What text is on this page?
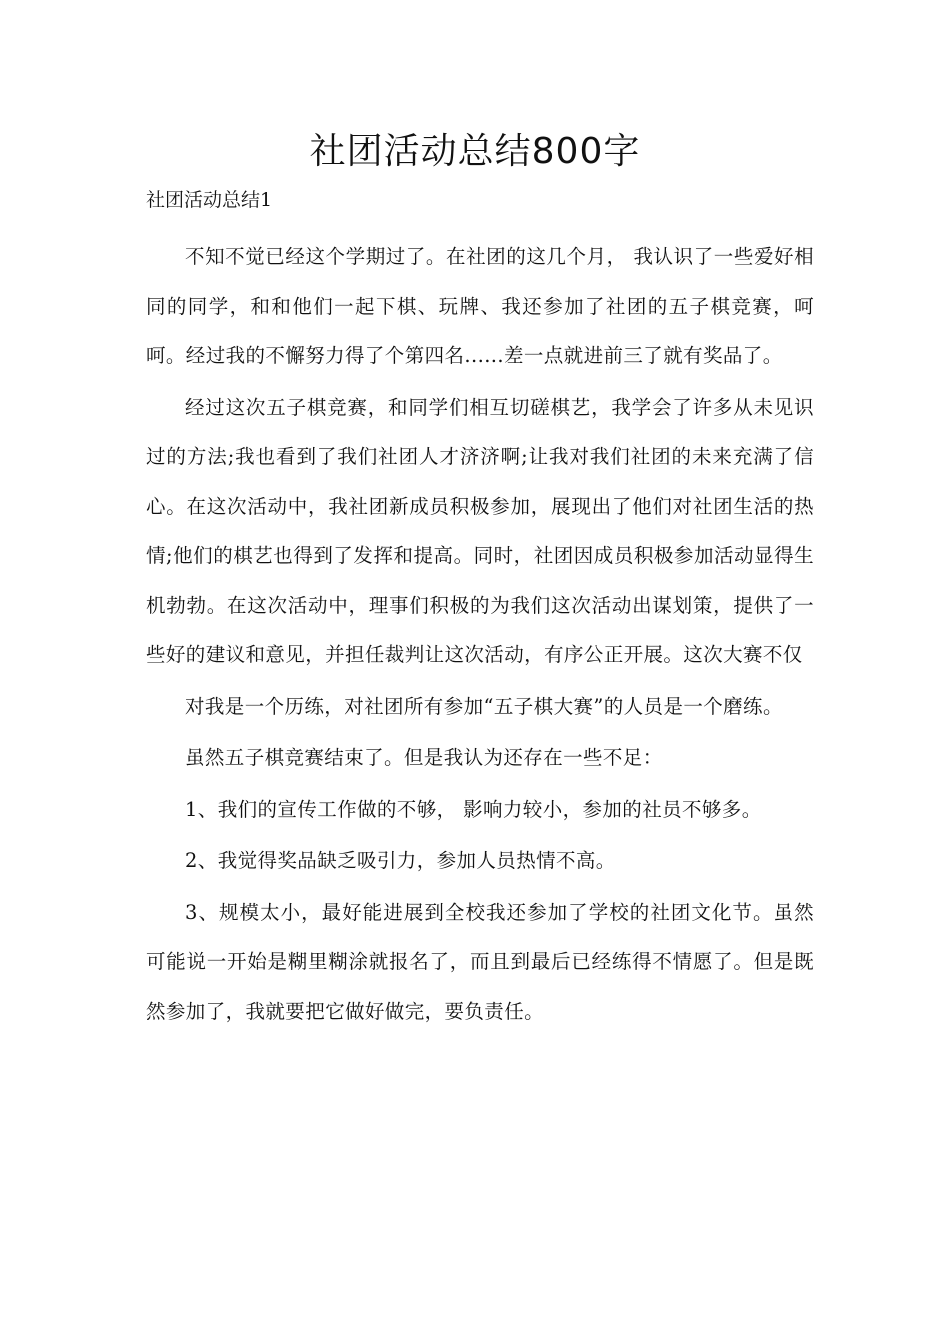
社团活动总结800字
社团活动总结1

不知不觉已经这个学期过了。在社团的这几个月， 我认识了一些爱好相同的同学，和和他们一起下棋、玩牌、我还参加了社团的五子棋竞赛，呵呵。经过我的不懈努力得了个第四名......差一点就进前三了就有奖品了。

经过这次五子棋竞赛，和同学们相互切磋棋艺，我学会了许多从未见识过的方法;我也看到了我们社团人才济济啊;让我对我们社团的未来充满了信心。在这次活动中，我社团新成员积极参加，展现出了他们对社团生活的热情;他们的棋艺也得到了发挥和提高。同时，社团因成员积极参加活动显得生机勃勃。在这次活动中，理事们积极的为我们这次活动出谋划策，提供了一些好的建议和意见，并担任裁判让这次活动，有序公正开展。这次大赛不仅

对我是一个历练，对社团所有参加“五子棋大赛”的人员是一个磨练。

虽然五子棋竞赛结束了。但是我认为还存在一些不足：

1、我们的宣传工作做的不够， 影响力较小，参加的社员不够多。

2、我觉得奖品缺乏吸引力，参加人员热情不高。

3、规模太小，最好能进展到全校我还参加了学校的社团文化节。虽然可能说一开始是糊里糊涂就报名了，而且到最后已经练得不情愿了。但是既然参加了，我就要把它做好做完，要负责任。
